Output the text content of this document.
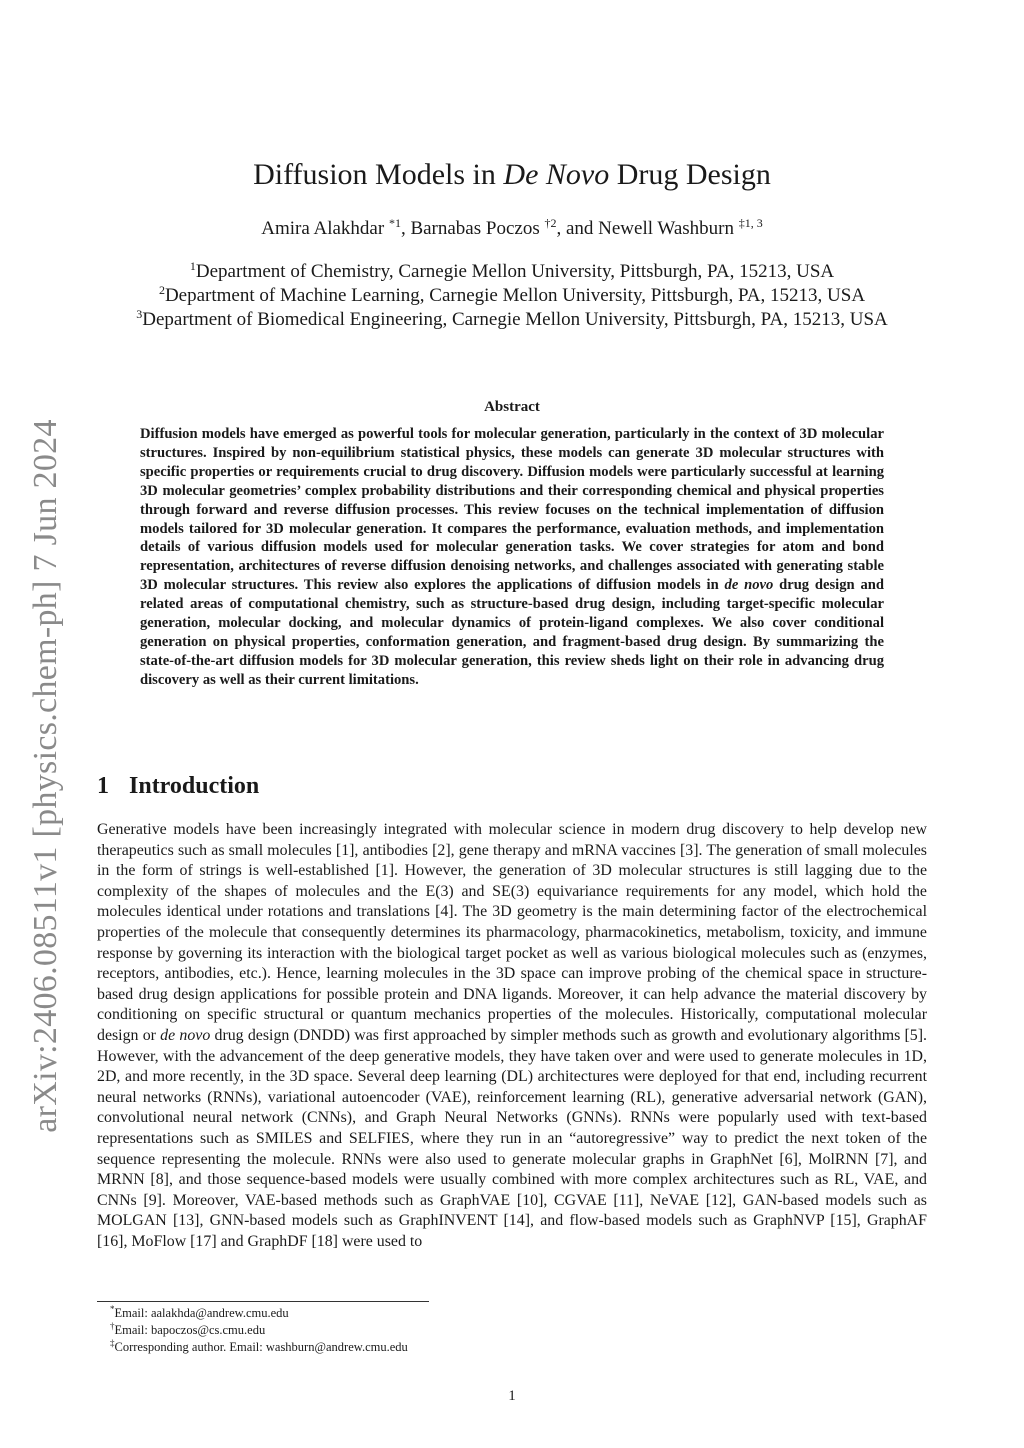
arXiv:2406.08511v1 [physics.chem-ph] 7 Jun 2024
Diffusion Models in De Novo Drug Design
Amira Alakhdar $^{*1}$, Barnabas Poczos $^{\dagger 2}$, and Newell Washburn $^{\ddagger 1, 3}$
$^1$Department of Chemistry, Carnegie Mellon University, Pittsburgh, PA, 15213, USA
$^2$Department of Machine Learning, Carnegie Mellon University, Pittsburgh, PA, 15213, USA
$^3$Department of Biomedical Engineering, Carnegie Mellon University, Pittsburgh, PA, 15213, USA
Abstract

Diffusion models have emerged as powerful tools for molecular generation, particularly in the context of 3D molecular structures. Inspired by non-equilibrium statistical physics, these models can generate 3D molecular structures with specific properties or requirements crucial to drug discovery. Diffusion models were particularly successful at learning 3D molecular geometries’ complex probability distributions and their corresponding chemical and physical properties through forward and reverse diffusion processes. This review focuses on the technical implementation of diffusion models tailored for 3D molecular generation. It compares the performance, evaluation methods, and implementation details of various diffusion models used for molecular generation tasks. We cover strategies for atom and bond representation, architectures of reverse diffusion denoising networks, and challenges associated with generating stable 3D molecular structures. This review also explores the applications of diffusion models in de novo drug design and related areas of computational chemistry, such as structure-based drug design, including target-specific molecular generation, molecular docking, and molecular dynamics of protein-ligand complexes. We also cover conditional generation on physical properties, conformation generation, and fragment-based drug design. By summarizing the state-of-the-art diffusion models for 3D molecular generation, this review sheds light on their role in advancing drug discovery as well as their current limitations.

1 Introduction

Generative models have been increasingly integrated with molecular science in modern drug discovery to help develop new therapeutics such as small molecules [1], antibodies [2], gene therapy and mRNA vaccines [3]. The generation of small molecules in the form of strings is well-established [1]. However, the generation of 3D molecular structures is still lagging due to the complexity of the shapes of molecules and the E(3) and SE(3) equivariance requirements for any model, which hold the molecules identical under rotations and translations [4]. The 3D geometry is the main determining factor of the electrochemical properties of the molecule that consequently determines its pharmacology, pharmacokinetics, metabolism, toxicity, and immune response by governing its interaction with the biological target pocket as well as various biological molecules such as (enzymes, receptors, antibodies, etc.). Hence, learning molecules in the 3D space can improve probing of the chemical space in structure-based drug design applications for possible protein and DNA ligands. Moreover, it can help advance the material discovery by conditioning on specific structural or quantum mechanics properties of the molecules. Historically, computational molecular design or de novo drug design (DNDD) was first approached by simpler methods such as growth and evolutionary algorithms [5]. However, with the advancement of the deep generative models, they have taken over and were used to generate molecules in 1D, 2D, and more recently, in the 3D space. Several deep learning (DL) architectures were deployed for that end, including recurrent neural networks (RNNs), variational autoencoder (VAE), reinforcement learning (RL), generative adversarial network (GAN), convolutional neural network (CNNs), and Graph Neural Networks (GNNs). RNNs were popularly used with text-based representations such as SMILES and SELFIES, where they run in an “autoregressive” way to predict the next token of the sequence representing the molecule. RNNs were also used to generate molecular graphs in GraphNet [6], MolRNN [7], and MRNN [8], and those sequence-based models were usually combined with more complex architectures such as RL, VAE, and CNNs [9]. Moreover, VAE-based methods such as GraphVAE [10], CGVAE [11], NeVAE [12], GAN-based models such as MOLGAN [13], GNN-based models such as GraphINVENT [14], and flow-based models such as GraphNVP [15], GraphAF [16], MoFlow [17] and GraphDF [18] were used to

*Email: aalakhda@andrew.cmu.edu
†Email: bapoczos@cs.cmu.edu
‡Corresponding author. Email: washburn@andrew.cmu.edu
1
